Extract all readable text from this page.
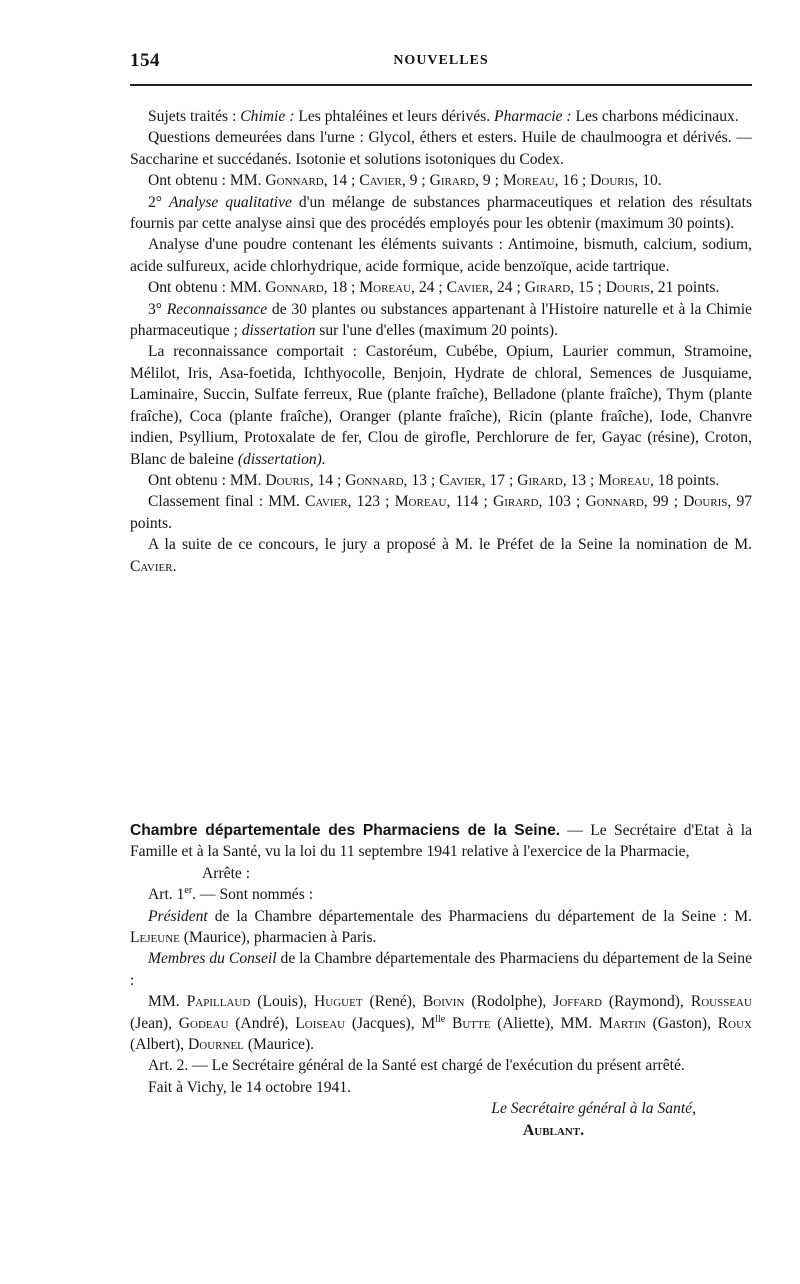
154	NOUVELLES

Sujets traités : Chimie : Les phtaléines et leurs dérivés. Pharmacie : Les charbons médicinaux.

Questions demeurées dans l'urne : Glycol, éthers et esters. Huile de chaulmoogra et dérivés. — Saccharine et succédanés. Isotonie et solutions isotoniques du Codex.

Ont obtenu : MM. Gonnard, 14 ; Cavier, 9 ; Girard, 9 ; Moreau, 16 ; Douris, 10.

2° Analyse qualitative d'un mélange de substances pharmaceutiques et relation des résultats fournis par cette analyse ainsi que des procédés employés pour les obtenir (maximum 30 points).

Analyse d'une poudre contenant les éléments suivants : Antimoine, bismuth, calcium, sodium, acide sulfureux, acide chlorhydrique, acide formique, acide benzoïque, acide tartrique.

Ont obtenu : MM. Gonnard, 18 ; Moreau, 24 ; Cavier, 24 ; Girard, 15 ; Douris, 21 points.

3° Reconnaissance de 30 plantes ou substances appartenant à l'Histoire naturelle et à la Chimie pharmaceutique ; dissertation sur l'une d'elles (maximum 20 points).

La reconnaissance comportait : Castoréum, Cubébe, Opium, Laurier commun, Stramoine, Mélilot, Iris, Asa-foetida, Ichthyocolle, Benjoin, Hydrate de chloral, Semences de Jusquiame, Laminaire, Succin, Sulfate ferreux, Rue (plante fraîche), Belladone (plante fraîche), Thym (plante fraîche), Coca (plante fraîche), Oranger (plante fraîche), Ricin (plante fraîche), Iode, Chanvre indien, Psyllium, Protoxalate de fer, Clou de girofle, Perchlorure de fer, Gayac (résine), Croton, Blanc de baleine (dissertation).

Ont obtenu : MM. Douris, 14 ; Gonnard, 13 ; Cavier, 17 ; Girard, 13 ; Moreau, 18 points.

Classement final : MM. Cavier, 123 ; Moreau, 114 ; Girard, 103 ; Gonnard, 99 ; Douris, 97 points.

A la suite de ce concours, le jury a proposé à M. le Préfet de la Seine la nomination de M. Cavier.

Chambre départementale des Pharmaciens de la Seine. — Le Secrétaire d'Etat à la Famille et à la Santé, vu la loi du 11 septembre 1941 relative à l'exercice de la Pharmacie,

Arrête :

Art. 1er. — Sont nommés :

Président de la Chambre départementale des Pharmaciens du département de la Seine : M. Lejeune (Maurice), pharmacien à Paris.

Membres du Conseil de la Chambre départementale des Pharmaciens du département de la Seine :

MM. Papillaud (Louis), Huguet (René), Boivin (Rodolphe), Joffard (Raymond), Rousseau (Jean), Godeau (André), Loiseau (Jacques), $M^{lle}$ Butte (Aliette), MM. Martin (Gaston), Roux (Albert), Dournel (Maurice).

Art. 2. — Le Secrétaire général de la Santé est chargé de l'exécution du présent arrêté.

Fait à Vichy, le 14 octobre 1941.

Le Secrétaire général à la Santé,
Aublant.
